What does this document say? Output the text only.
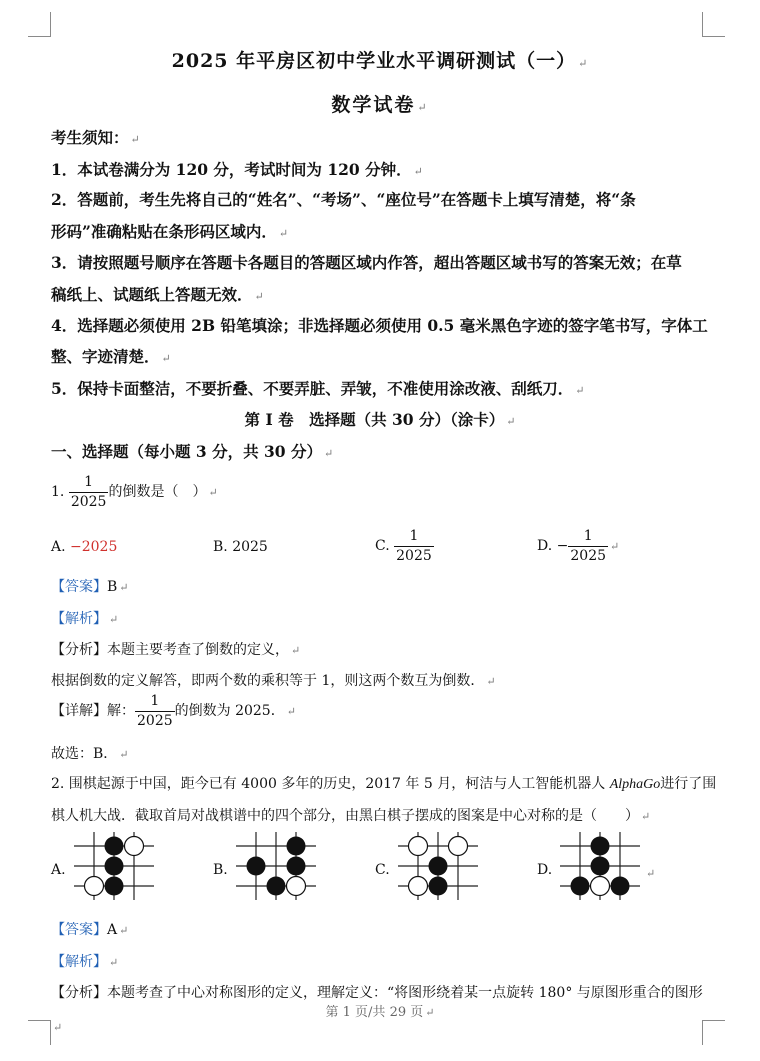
2025 年平房区初中学业水平调研测试（一） ↵
数学试卷 ↵
考生须知： ↵
1．本试卷满分为 120 分，考试时间为 120 分钟． ↵
2．答题前，考生先将自己的“姓名”、“考场”、“座位号”在答题卡上填写清楚，将“条
形码”准确粘贴在条形码区域内． ↵
3．请按照题号顺序在答题卡各题目的答题区域内作答，超出答题区域书写的答案无效；在草
稿纸上、试题纸上答题无效． ↵
4．选择题必须使用 2B 铅笔填涂；非选择题必须使用 0.5 毫米黑色字迹的签字笔书写，字体工
整、字迹清楚． ↵
5．保持卡面整洁，不要折叠、不要弄脏、弄皱，不准使用涂改液、刮纸刀． ↵
第 I 卷　选择题（共 30 分）（涂卡） ↵
一、选择题（每小题 3 分，共 30 分） ↵
1. $\frac{1}{2025}$ 的倒数是（　） ↵
A. −2025	B. 2025	C. $\frac{1}{2025}$	D. − $\frac{1}{2025}$ ↵
【答案】B ↵
【解析】 ↵
【分析】本题主要考查了倒数的定义， ↵
根据倒数的定义解答，即两个数的乘积等于 1，则这两个数互为倒数． ↵
【详解】解： $\frac{1}{2025}$ 的倒数为 2025． ↵
故选：B． ↵
2. 围棋起源于中国，距今已有 4000 多年的历史，2017 年 5 月，柯洁与人工智能机器人 AlphaGo进行了围
棋人机大战．截取首局对战棋谱中的四个部分，由黑白棋子摆成的图案是中心对称的是（　　） ↵
A.	B.	C.	D.	↵
【答案】A ↵
【解析】 ↵
【分析】本题考查了中心对称图形的定义，理解定义：“将图形绕着某一点旋转 180° 与原图形重合的图形
第 1 页/共 29 页 ↵
↵
